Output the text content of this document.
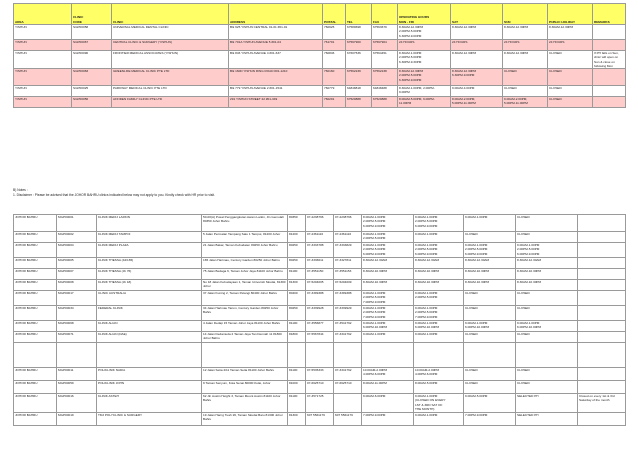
AREA	CLINIC
CODE	CLINIC	ADDRESS	POSTAL	TEL	FAX	OPERATING HOURS
MON - FRI	SAT	SUN	PUBLIC HOLIDAY	REMARKS
YISHUN	SGP00058	UNIVERSAL MEDICAL DENTAL CLINIC	Blk 925 YISHUN CENTRAL 01-01 #01-01	760925	67589698	67563679	8.30AM-12.30PM
2.00PM-5.00PM
6.30PM-9.00PM	8.30AM-12.30PM	8.30AM-12.30PM	8.30AM-12.30PM	
YISHUN	SGP00067	CENTRAL CLINIC & SURGERY (YISHUN)	Blk 701A YISHUN AVENUE 5 #01-04	761701	67597900	67597904	24 HOURS	24 HOURS	24 HOURS	24 HOURS	
YISHUN	SGP00090	FRONTIER MEDICAL ASSOCIATES (YISHUN)	Blk 846 YISHUN AVENUE 4 #01-637	760846	67607536	67564451	8.30AM-1.00PM
2.00PM-5.00PM
6.30PM-9.30PM	8.30AM-12.30PM	8.30AM-12.30PM	CLOSED	If PH falls on Sun, clinic will open on Sun & close on following Mon
YISHUN	SGP00083	GREENLIFE MEDICAL CLINIC PTE LTD	Blk 160D YISHUN RING ROAD #01-1210	760160	67562239	67562238	8.30AM-12.30PM
2.00PM-5.00PM
6.30PM-9.00PM	8.30AM-12.30PM
6.30PM-9.00PM	CLOSED	CLOSED	
YISHUN	SGP00025	PARKWAY MEDICAL CLINIC PTE LTD	Blk 779 YISHUN AVENUE 2 #01-1541	760779	64848818	64848488	8.30AM-1.00PM, 2.00PM-
9.00PM	9.00AM-4.00PM	CLOSED	CLOSED	
YISHUN	SGP00056	AFFIDEN FAMILY CLINIC PTE LTD	291 YISHUN STREET 22 #01-349	760291	67520888	67520888	8.00AM-5.00PM, 6.00PM-
11.00PM	8.00AM-2.00PM,
5.00PM-11.00PM	9.00AM-2.00PM,
5.00PM-11.00PM	CLOSED	
B) Notes :
1. Disclaimer : Please be advised that the JOHOR BAHRU clinics indicated below may not apply to you. Kindly check with HR prior to visit.
JOHOR BAHRU	MGP00001	KLINIK MEDIJ LARKIN	50-00(A) Pusat Penggangkutan Awam Larkin, Jln Gemulah 80350 Johor Bahru	80350	07-2238766	07-2238766	8.00AM-1.00PM
2.00PM-5.00PM
6.00PM-9.00PM	9.00AM-1.00PM
2.00PM-5.00PM
6.00PM-9.00PM	9.00AM-1.00PM	CLOSED	
JOHOR BAHRU	MGP00002	KLINIK MEDIJ TAMPOI	5 Jalan Permatan Tampang Satu 1 Tampoi, 81200 Johor	81200	07-2361116	07-2361116	8.00AM-1.00PM
2.00PM-5.00PM	9.00AM-1.00PM	CLOSED	CLOSED	
JOHOR BAHRU	MGP00004	KLINIK MEDIJ PLAZA	21 Jalan Bakar, Taman Kebudaten 80250 Johor Bahru	80250	07-3333788	07-3333829	8.00AM-1.00PM
2.00PM-5.00PM
6.00PM-9.00PM	9.00AM-1.00PM
2.00PM-5.00PM
6.00PM-9.00PM	9.00AM-1.00PM
2.00PM-5.00PM
6.00PM-9.00PM	9.00AM-1.00PM
2.00PM-5.00PM
6.00PM-9.00PM	
JOHOR BAHRU	MGP00005	KLINIK THESSA (44/165)	165 Jalan Harimau, Century Garden 80250 Johor Bahru	80250	07-3336611	07-3327811	8.30AM-12.30AM	8.30AM-12.30AM	8.30AM-12.30AM	8.30AM-12.30AM	
JOHOR BAHRU	MGP00007	KLINIK THESSA (Jb 76)	75 Jalan Bedaga 6, Taman Johor Jaya 81100 Johor Bahru	81100	07-3551150	07-3551153	8.30AM-10.30PM	8.30AM-10.30PM	8.30AM-10.30PM	8.30AM-10.30PM	
JOHOR BAHRU	MGP00008	KLINIK THESSA (Jb 18)	No 18 Jalan Kebudayaan 1, Taman Universiti Skudai, 81300 Johor	81300	07-5204005	07-5204009	8.30AM-10.30PM	8.30AM-10.30PM	8.30AM-10.30PM	8.30AM-10.30PM	
JOHOR BAHRU	MGP00017	CLINIC AUSTRALIA	37 Jalan Kuning 2, Taman Pelangi 80400 Johor Bahru	80400	07-3399388	07-3399388	9.00AM-1.00PM
2.00PM-5.00PM
7.00PM-9.00PM	9.00AM-1.00PM
2.00PM-5.00PM	CLOSED	CLOSED	
JOHOR BAHRU	MGP00034	FEDERAL KLINIK	34 Jalan Harimau Tarum, Century Garden 80250 Johor Bahru	80250	07-3339928	07-3339929	9.00AM-1.00PM
2.00PM-5.00PM
7.00PM-9.00PM	9.00AM-1.00PM
2.00PM-5.00PM
7.00PM-9.00PM	CLOSED	CLOSED	
JOHOR BAHRU	MGP00068	KLINIK ALIAN	4 Jalan Dedap 15 Taman Johor Jaya 81100 Johor Bahru	81100	07-3556877	07-3541762	9.00AM-1.00PM
6.00PM-10.00PM	9.00AM-1.00PM
6.00PM-10.00PM	9.00AM-1.00PM
6.00PM-10.00PM	9.00AM-1.00PM
6.00PM-10.00PM	
JOHOR BAHRU	MGP00071	KLINIK ALIAN (DAE)	14 Jalan Dedamuda 2 Taman Jaya Tan Dennah 11 81800 Johor Bahru	81800	07-5567844	07-3341762	9.00AM-1.00PM	9.00AM-1.00PM	CLOSED	CLOSED	

JOHOR BAHRU	MGP00011	POLIKLINIK NADIA	12 Jalan Setia 2/11 Taman Setia 81100 Johor Bahru	81100	07-5535333	07-3341762	10.00AM-2.00PM
4.00PM-6.00PM	10.00AM-2.00PM
4.00PM-6.00PM	CLOSED	CLOSED	
JOHOR BAHRU	MGP00059	POLIKLINIK JOHN	9 Taman Senyum, Kota Senai 80000 Kulai, Johor	81000	07-6625710	07-6625710	8.00AM-11.00PM	8.00AM-5.00PM	CLOSED	CLOSED	
JOHOR BAHRU	MGP00016	KLINIK ASTEH	62 Jln Austin Height 3, Taman Mount Austin 81100 Johor Bahru	81100	07-3571725		9.00AM-6.00PM	9.00AM-1.00PM
(CLOSED ON EVERY
1ST & 3RD SAT OF
THE MONTH)	9.00AM-5.00PM	SELECTED PH	Closed on every 1st & 3rd Saturday of the month
JOHOR BAHRU	MGP00019	TMJ POLYCLINIC & SURGERY	19 Jalan Harng Tuah 26, Taman Skudai Baru 81300 Johor Bahru	81300	607 5561179	607 5561179	7.00PM-9.00PM	9.00AM-1.00PM	7.00PM-9.00PM	SELECTED PH	
